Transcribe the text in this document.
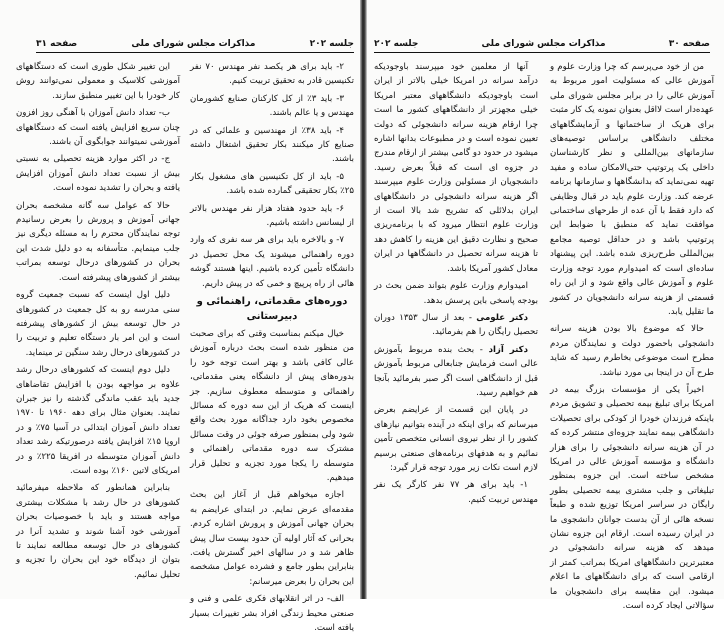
صفحه ۳۱	مذاکرات مجلس شورای ملی	جلسه ۲۰۲

این تغییر شکل طوری است که دستگاههای آموزشی کلاسیک و معمولی نمی‌توانند روش کار خودرا با این تغییر منطبق سازند.

ب- تعداد دانش آموزان با آهنگی روز افزون چنان سریع افزایش یافته است که دستگاههای آموزشی نمیتوانند جوابگوی آن باشند.

ج- در اکثر موارد هزینه تحصیلی به نسبتی بیش از نسبت تعداد دانش آموزان افزایش یافته و بحران را تشدید نموده است.

حالا که عوامل سه گانه مشخصه بحران جهانی آموزش و پرورش را بعرض رسانیدم توجه نمایندگان محترم را به مسئله دیگری نیز جلب مینمایم. متأسفانه به دو دلیل شدت این بحران در کشورهای درحال توسعه بمراتب بیشتر از کشورهای پیشرفته است.

دلیل اول اینست که نسبت جمعیت گروه سنی مدرسه رو به کل جمعیت در کشورهای در حال توسعه بیش از کشورهای پیشرفته است و این امر بار دستگاه تعلیم و تربیت را در کشورهای درحال رشد سنگین تر مینماید.

دلیل دوم اینست که کشورهای درحال رشد علاوه بر مواجهه بودن با افزایش تقاضاهای جدید باید عقب ماندگی گذشته را نیز جبران نمایند. بعنوان مثال برای دهه ۱۹۶۰ تا ۱۹۷۰ تعداد دانش آموزان ابتدائی در آسیا ۷۵٪ و در اروپا ۱۵٪ افزایش یافته درصورتیکه رشد تعداد دانش آموزان متوسطه در افریقا ۲۲۵٪ و در امریکای لاتین ۱۶۰٪ بوده است.

بنابراین همانطور که ملاحظه میفرمائید کشورهای در حال رشد با مشکلات بیشتری مواجه هستند و باید با خصوصیات بحران آموزشی خود آشنا شوند و تشدید آنرا در کشورهای در حال توسعه مطالعه نمایند تا بتوان از دیدگاه خود این بحران را تجزیه و تحلیل نمائیم.

۲- باید برای هر یکصد نفر مهندس ۷۰ نفر تکنیسین قادر به تحقیق تربیت کنیم.

۳- باید ۳٪ از کل کارکنان صنایع کشورمان مهندس و یا عالم باشند.

۴- باید ۳۸٪ از مهندسین و علمائی که در صنایع کار میکنند بکار تحقیق اشتغال داشته باشند.

۵- باید از کل تکنیسین های مشغول بکار ۲۵٪ بکار تحقیقی گمارده شده باشد.

۶- باید حدود هفتاد هزار نفر مهندس بالاتر از لیسانس داشته باشیم.

۷- و بالاخره باید برای هر سه نفری که وارد دوره راهنمائی میشوند یک محل تحصیل در دانشگاه تأمین کرده باشیم. اینها هستند گوشه هائی از راه پرپیچ و خمی که در پیش داریم.

دوره‌های مقدماتی، راهنمائی و دبیرستانی

خیال میکنم بمناسبت وقتی که برای صحبت من منظور شده است بحث درباره آموزش عالی کافی باشد و بهتر است توجه خود را بدوره‌های پیش از دانشگاه یعنی مقدماتی، راهنمائی و متوسطه معطوف سازیم. جز اینست که هریک از این سه دوره که مسائل مخصوص بخود دارد جداگانه مورد بحث واقع شود ولی بمنظور صرفه جوئی در وقت مسائل مشترک سه دوره مقدماتی راهنمائی و متوسطه را یکجا مورد تجزیه و تحلیل قرار میدهیم.

اجازه میخواهم قبل از آغاز این بحث مقدمه‌ای عرض نمایم. در ابتدای عرایضم به بحران جهانی آموزش و پرورش اشاره کردم. بحرانی که آثار اولیه آن حدود بیست سال پیش ظاهر شد و در سالهای اخیر گسترش یافت. بنابراین بطور جامع و فشرده عوامل مشخصه این بحران را بعرض میرسانم:

الف- در اثر انقلابهای فکری علمی و فنی و صنعتی محیط زندگی افراد بشر تغییرات بسیار یافته است.

جلسه ۲۰۲	مذاکرات مجلس شورای ملی	صفحه ۳۰

آنها از معلمین خود میپرسند باوجودیکه درآمد سرانه در امریکا خیلی بالاتر از ایران است باوجودیکه دانشگاههای معتبر امریکا خیلی مجهزتر از دانشگاههای کشور ما است چرا ارقام هزینه سرانه دانشجوئی که دولت تعیین نموده است و در مطبوعات بدانها اشاره میشود در حدود دو گامی بیشتر از ارقام مندرج در جزوه ای است که قبلاً بعرض رسید. دانشجویان از مسئولین وزارت علوم میپرسند اگر هزینه سرانه دانشجوئی در دانشگاههای ایران بدلائلی که تشریح شد بالا است از وزارت علوم انتظار میرود که با برنامه‌ریزی صحیح و نظارت دقیق این هزینه را کاهش دهد تا هزینه سرانه تحصیل در دانشگاهها در ایران معادل کشور آمریکا باشد.

امیدوارم وزارت علوم بتواند ضمن بحث در بودجه پاسخی باین پرسش بدهد.

دکتر علومی - بعد از سال ۱۳۵۳ دوران تحصیل رایگان را هم بفرمائید.

دکتر آزاد - بحث بنده مربوط بآموزش عالی است فرمایش جنابعالی مربوط بآموزش قبل از دانشگاهی است اگر صبر بفرمائید بآنجا هم خواهیم رسید.

در پایان این قسمت از عرایضم بعرض میرسانم که برای اینکه در آینده بتوانیم نیازهای کشور را از نظر نیروی انسانی متخصص تأمین نمائیم و به هدفهای برنامه‌های صنعتی برسیم لازم است نکات زیر مورد توجه قرار گیرد:

۱- باید برای هر ۷۷ نفر کارگر یک نفر مهندس تربیت کنیم.

من از خود می‌پرسم که چرا وزارت علوم و آموزش عالی که مسئولیت امور مربوط به آموزش عالی را در برابر مجلس شورای ملی عهده‌دار است لااقل بعنوان نمونه یک کار مثبت برای هریک از ساختمانها و آزمایشگاههای مختلف دانشگاهی براساس توصیه‌های سازمانهای بین‌المللی و نظر کارشناسان داخلی یک پرتوتیپ حتی‌الامکان ساده و مفید تهیه نمی‌نماید که بدانشگاهها و سازمانها برنامه عرضه کند. وزارت علوم باید در قبال وظایفی که دارد فقط با آن عده از طرحهای ساختمانی موافقت نماید که منطبق با ضوابط این پرتوتیپ باشد و در حداقل توصیه مجامع بین‌المللی طرح‌ریزی شده باشد. این پیشنهاد ساده‌ای است که امیدوارم مورد توجه وزارت علوم و آموزش عالی واقع شود و از این راه قسمتی از هزینه سرانه دانشجویان در کشور ما تقلیل یابد.

حالا که موضوع بالا بودن هزینه سرانه دانشجوئی باحضور دولت و نمایندگان مردم مطرح است موضوعی بخاطرم رسید که شاید طرح آن در اینجا بی مورد نباشد.

اخیراً یکی از مؤسسات بزرگ بیمه در امریکا برای تبلیغ بیمه تحصیلی و تشویق مردم باینکه فرزندان خودرا از کودکی برای تحصیلات دانشگاهی بیمه نمایند جزوه‌ای منتشر کرده که در آن هزینه سرانه دانشجوئی را برای هزار دانشگاه و مؤسسه آموزش عالی در امریکا مشخص ساخته است. این جزوه بمنظور تبلیغاتی و جلب مشتری بیمه تحصیلی بطور رایگان در سراسر امریکا توزیع شده و طبعاً نسخه هائی از آن بدست جوانان دانشجوی ما در ایران رسیده است. ارقام این جزوه نشان میدهد که هزینه سرانه دانشجوئی در معتبرترین دانشگاههای امریکا بمراتب کمتر از ارقامی است که برای دانشگاههای ما اعلام میشود. این مقایسه برای دانشجویان ما سؤالاتی ایجاد کرده است.
